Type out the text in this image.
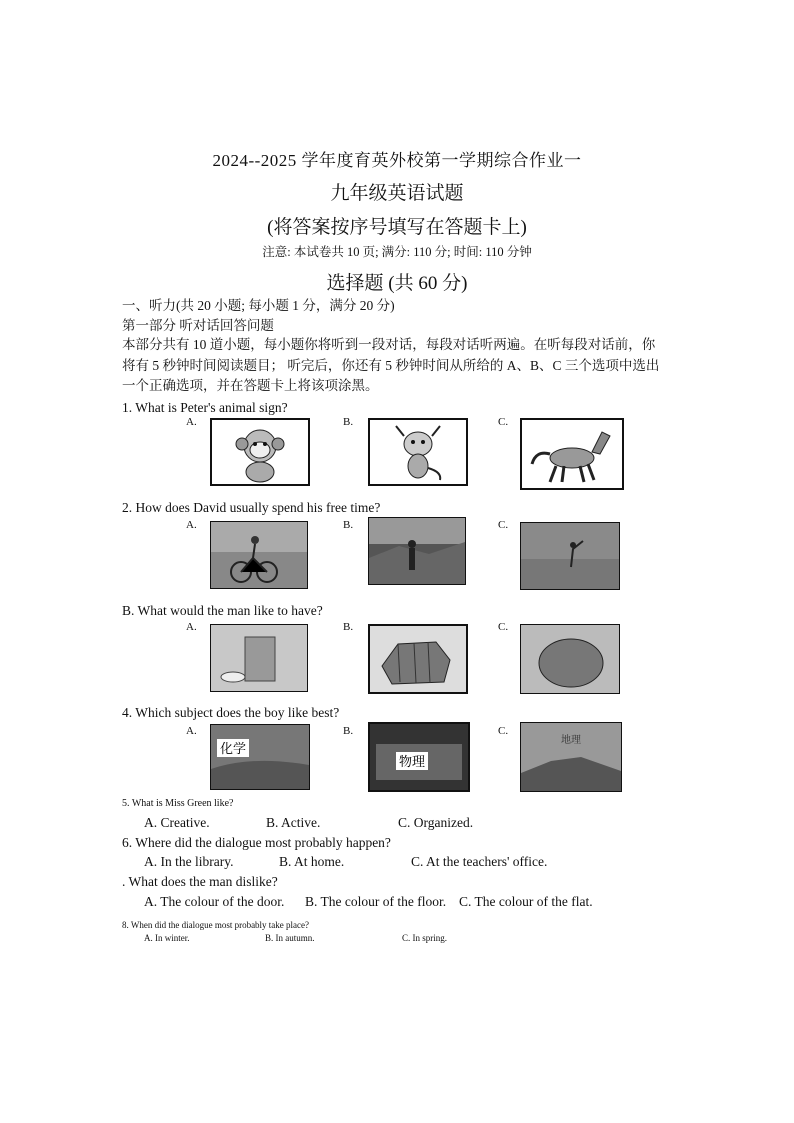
2024--2025 学年度育英外校第一学期综合作业一
九年级英语试题
(将答案按序号填写在答题卡上)
注意: 本试卷共 10 页; 满分: 110 分; 时间: 110 分钟
选择题 (共 60 分)
一、听力(共 20 小题; 每小题 1 分，满分 20 分)
第一部分 听对话回答问题
本部分共有 10 道小题，每小题你将听到一段对话，每段对话听两遍。在听每段对话前，你
将有 5 秒钟时间阅读题目； 听完后，你还有 5 秒钟时间从所给的 A、B、C 三个选项中选出
一个正确选项，并在答题卡上将该项涂黑。
1. What is Peter's animal sign?
A.	B.	C.
2. How does David usually spend his free time?
A.	B.	C.
B. What would the man like to have?
A.	B.	C.
4. Which subject does the boy like best?
A.	B.	C.
化学
物理
地理
5. What is Miss Green like?
A. Creative.	B. Active.	C. Organized.
6. Where did the dialogue most probably happen?
A. In the library.	B. At home.	C. At the teachers' office.
. What does the man dislike?
A. The colour of the door. B. The colour of the floor. C. The colour of the flat.
8. When did the dialogue most probably take place?
A. In winter.	B. In autumn.	C. In spring.
